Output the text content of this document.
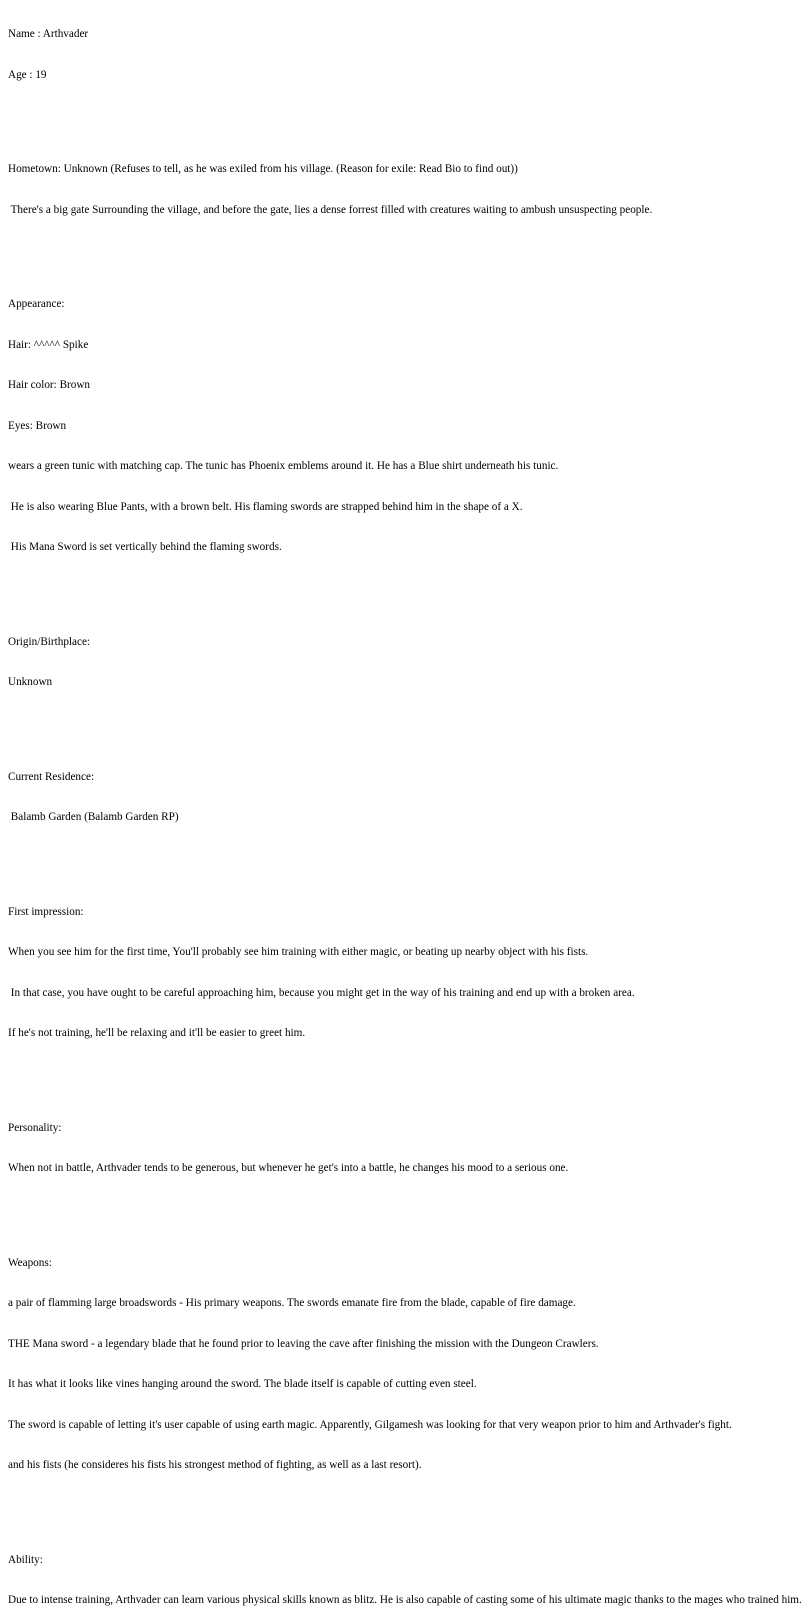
Name : Arthvader

Age : 19

Hometown: Unknown (Refuses to tell, as he was exiled from his village. (Reason for exile: Read Bio to find out))

There's a big gate Surrounding the village, and before the gate, lies a dense forrest filled with creatures waiting to ambush unsuspecting people.

Appearance:

Hair: ^^^^^ Spike

Hair color: Brown

Eyes: Brown

wears a green tunic with matching cap. The tunic has Phoenix emblems around it. He has a Blue shirt underneath his tunic.

He is also wearing Blue Pants, with a brown belt. His flaming swords are strapped behind him in the shape of a X.

His Mana Sword is set vertically behind the flaming swords.

Origin/Birthplace:

Unknown

Current Residence:

Balamb Garden (Balamb Garden RP)

First impression:

When you see him for the first time, You'll probably see him training with either magic, or beating up nearby object with his fists.

In that case, you have ought to be careful approaching him, because you might get in the way of his training and end up with a broken area.

If he's not training, he'll be relaxing and it'll be easier to greet him.

Personality:

When not in battle, Arthvader tends to be generous, but whenever he get's into a battle, he changes his mood to a serious one.

Weapons:

a pair of flamming large broadswords - His primary weapons. The swords emanate fire from the blade, capable of fire damage.

THE Mana sword - a legendary blade that he found prior to leaving the cave after finishing the mission with the Dungeon Crawlers.

It has what it looks like vines hanging around the sword. The blade itself is capable of cutting even steel.

The sword is capable of letting it's user capable of using earth magic. Apparently, Gilgamesh was looking for that very weapon prior to him and Arthvader's fight.

and his fists (he consideres his fists his strongest method of fighting, as well as a last resort).

Ability:

Due to intense training, Arthvader can learn various physical skills known as blitz. He is also capable of casting some of his ultimate magic thanks to the mages who trained him.
